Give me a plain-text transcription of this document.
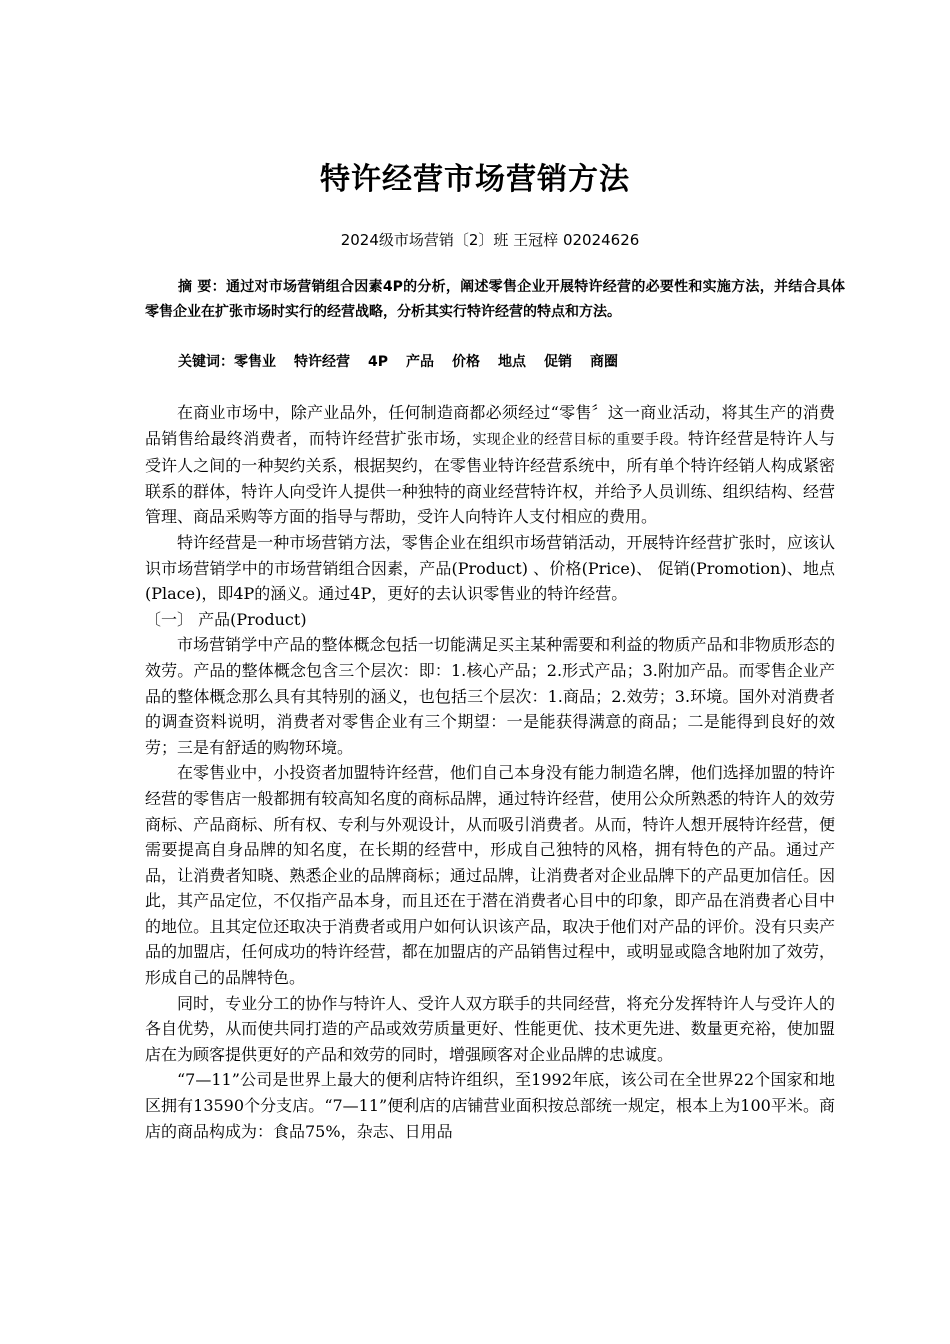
特许经营市场营销方法
2024级市场营销〔2〕班 王冠梓 02024626
摘 要：通过对市场营销组合因素4P的分析，阐述零售企业开展特许经营的必要性和实施方法，并结合具体零售企业在扩张市场时实行的经营战略，分析其实行特许经营的特点和方法。
关键词：零售业 特许经营 4P 产品 价格 地点 促销 商圈

在商业市场中，除产业品外，任何制造商都必须经过“零售〞这一商业活动，将其生产的消费品销售给最终消费者，而特许经营扩张市场，实现企业的经营目标的重要手段。特许经营是特许人与受许人之间的一种契约关系，根据契约，在零售业特许经营系统中，所有单个特许经销人构成紧密联系的群体，特许人向受许人提供一种独特的商业经营特许权，并给予人员训练、组织结构、经营管理、商品采购等方面的指导与帮助，受许人向特许人支付相应的费用。

特许经营是一种市场营销方法，零售企业在组织市场营销活动，开展特许经营扩张时，应该认识市场营销学中的市场营销组合因素，产品(Product) 、价格(Price)、 促销(Promotion)、地点(Place)，即4P的涵义。通过4P，更好的去认识零售业的特许经营。

〔一〕 产品(Product)

市场营销学中产品的整体概念包括一切能满足买主某种需要和利益的物质产品和非物质形态的效劳。产品的整体概念包含三个层次：即：1.核心产品；2.形式产品；3.附加产品。而零售企业产品的整体概念那么具有其特别的涵义，也包括三个层次：1.商品；2.效劳；3.环境。国外对消费者的调查资料说明，消费者对零售企业有三个期望：一是能获得满意的商品；二是能得到良好的效劳；三是有舒适的购物环境。

在零售业中，小投资者加盟特许经营，他们自己本身没有能力制造名牌，他们选择加盟的特许经营的零售店一般都拥有较高知名度的商标品牌，通过特许经营，使用公众所熟悉的特许人的效劳商标、产品商标、所有权、专利与外观设计，从而吸引消费者。从而，特许人想开展特许经营，便需要提高自身品牌的知名度，在长期的经营中，形成自己独特的风格，拥有特色的产品。通过产品，让消费者知晓、熟悉企业的品牌商标；通过品牌，让消费者对企业品牌下的产品更加信任。因此，其产品定位，不仅指产品本身，而且还在于潜在消费者心目中的印象，即产品在消费者心目中的地位。且其定位还取决于消费者或用户如何认识该产品，取决于他们对产品的评价。没有只卖产品的加盟店，任何成功的特许经营，都在加盟店的产品销售过程中，或明显或隐含地附加了效劳，形成自己的品牌特色。

同时，专业分工的协作与特许人、受许人双方联手的共同经营，将充分发挥特许人与受许人的各自优势，从而使共同打造的产品或效劳质量更好、性能更优、技术更先进、数量更充裕，使加盟店在为顾客提供更好的产品和效劳的同时，增强顾客对企业品牌的忠诚度。

“7—11”公司是世界上最大的便利店特许组织，至1992年底，该公司在全世界22个国家和地区拥有13590个分支店。“7—11”便利店的店铺营业面积按总部统一规定，根本上为100平米。商店的商品构成为：食品75%，杂志、日用品
